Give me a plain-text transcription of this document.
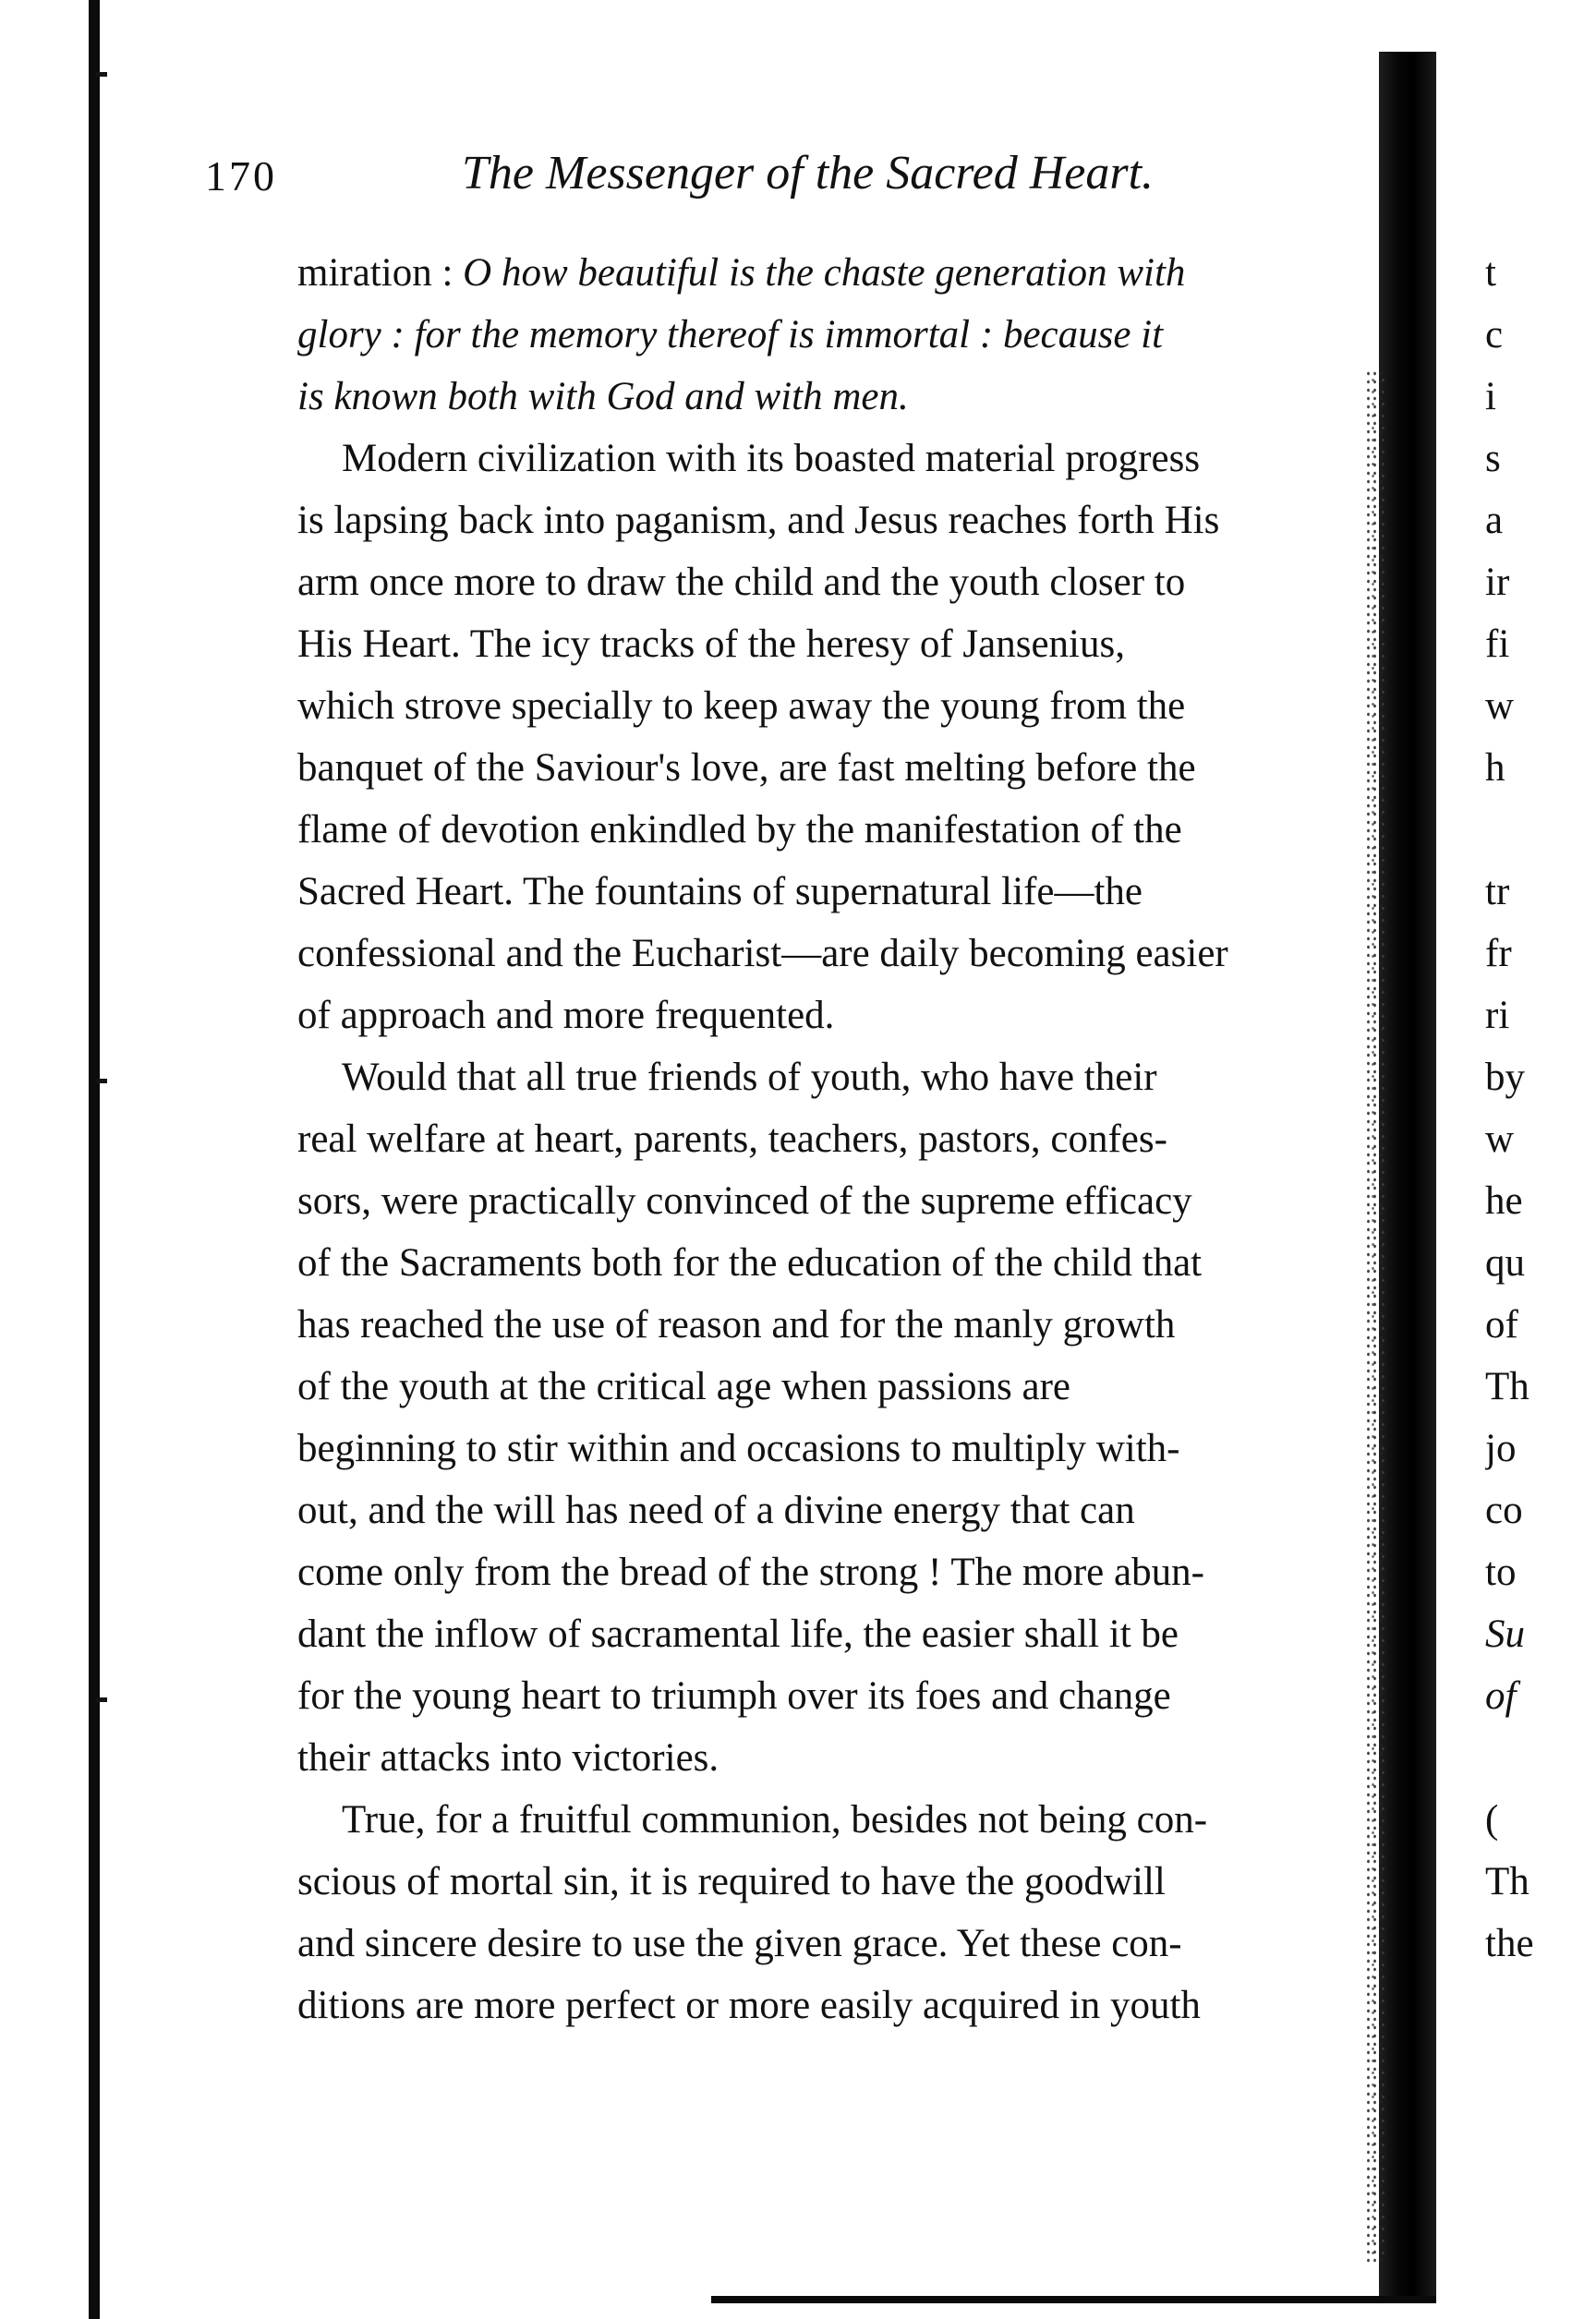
170	The Messenger of the Sacred Heart.
miration : O how beautiful is the chaste generation with
glory : for the memory thereof is immortal : because it
is known both with God and with men.
Modern civilization with its boasted material progress
is lapsing back into paganism, and Jesus reaches forth His
arm once more to draw the child and the youth closer to
His Heart. The icy tracks of the heresy of Jansenius,
which strove specially to keep away the young from the
banquet of the Saviour's love, are fast melting before the
flame of devotion enkindled by the manifestation of the
Sacred Heart. The fountains of supernatural life—the
confessional and the Eucharist—are daily becoming easier
of approach and more frequented.
Would that all true friends of youth, who have their
real welfare at heart, parents, teachers, pastors, confes-
sors, were practically convinced of the supreme efficacy
of the Sacraments both for the education of the child that
has reached the use of reason and for the manly growth
of the youth at the critical age when passions are
beginning to stir within and occasions to multiply with-
out, and the will has need of a divine energy that can
come only from the bread of the strong ! The more abun-
dant the inflow of sacramental life, the easier shall it be
for the young heart to triumph over its foes and change
their attacks into victories.
True, for a fruitful communion, besides not being con-
scious of mortal sin, it is required to have the goodwill
and sincere desire to use the given grace. Yet these con-
ditions are more perfect or more easily acquired in youth
t
c
i
s
a
ir
fi
w
h
tr
fr
ri
by
w
he
qu
of
Th
jo
co
to
Su
of
(
Th
the
